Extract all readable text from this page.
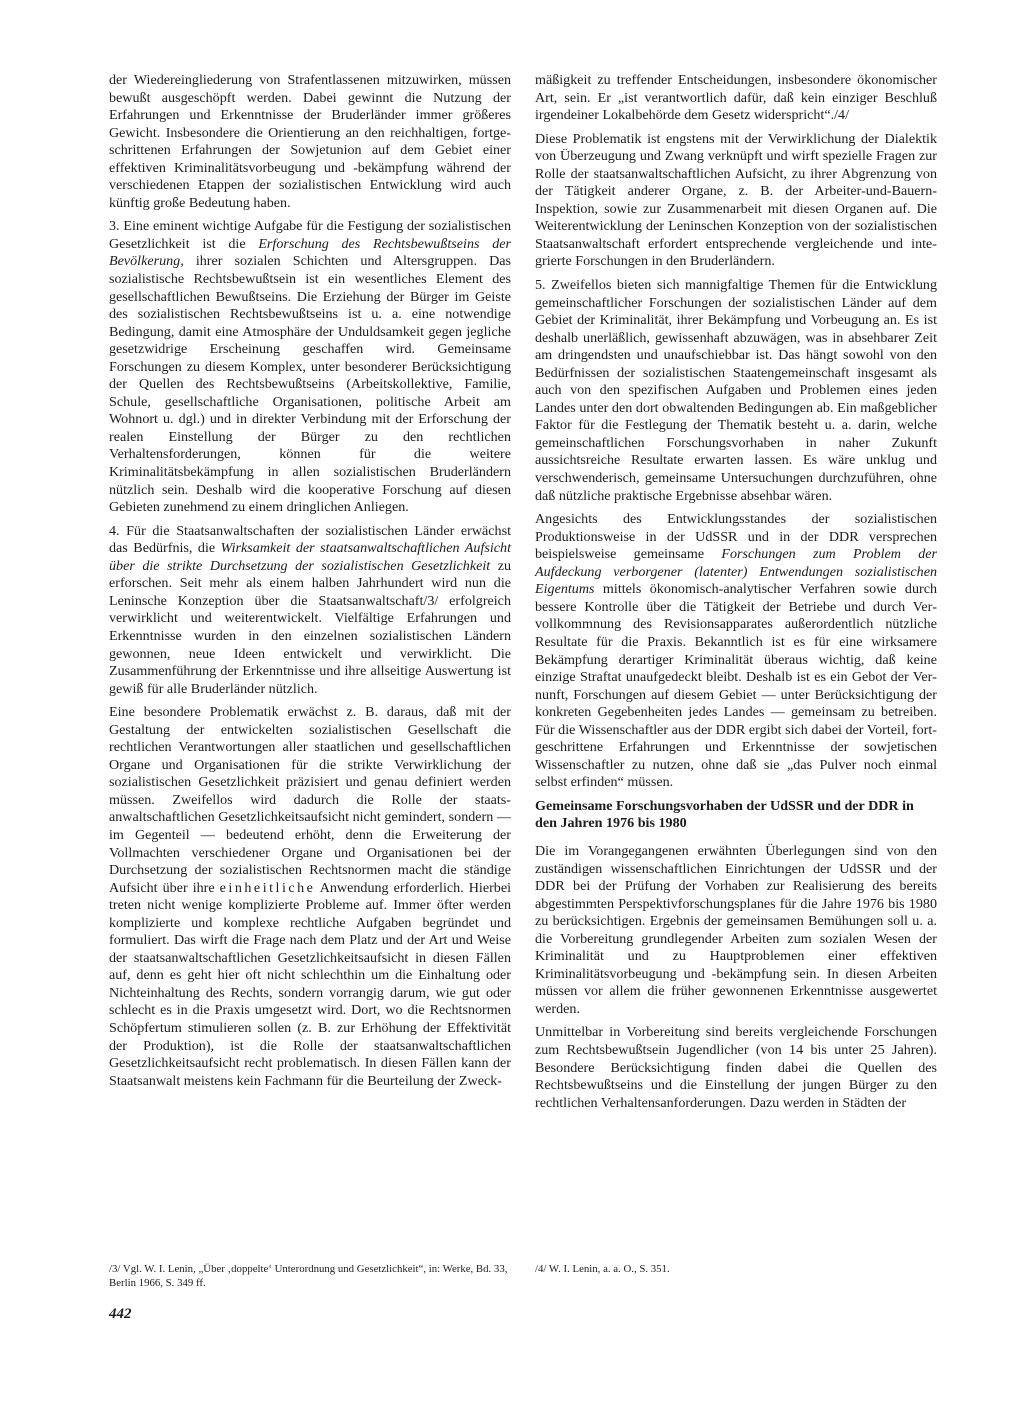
der Wiedereingliederung von Strafentlassenen mitzuwirken, müssen bewußt ausgeschöpft werden. Dabei gewinnt die Nutzung der Erfahrungen und Erkenntnisse der Bruderländer immer größeres Gewicht. Insbesondere die Orientierung an den reichhaltigen, fortgeschrittenen Erfahrungen der Sowjetunion auf dem Gebiet einer effektiven Kriminalitätsvorbeugung und -bekämpfung während der verschiedenen Etappen der sozialistischen Entwicklung wird auch künftig große Bedeutung haben.

3. Eine eminent wichtige Aufgabe für die Festigung der sozialistischen Gesetzlichkeit ist die Erforschung des Rechtsbewußtseins der Bevölkerung, ihrer sozialen Schichten und Altersgruppen. Das sozialistische Rechtsbewußtsein ist ein wesentliches Element des gesellschaftlichen Bewußtseins. Die Erziehung der Bürger im Geiste des sozialistischen Rechtsbewußtseins ist u. a. eine notwendige Bedingung, damit eine Atmosphäre der Unduldsamkeit gegen jegliche gesetzwidrige Erscheinung geschaffen wird. Gemeinsame Forschungen zu diesem Komplex, unter besonderer Berücksichtigung der Quellen des Rechtsbewußtseins (Arbeitskollektive, Familie, Schule, gesellschaftliche Organisationen, politische Arbeit am Wohnort u. dgl.) und in direkter Verbindung mit der Erforschung der realen Einstellung der Bürger zu den rechtlichen Verhaltensforderungen, können für die weitere Kriminalitätsbekämpfung in allen sozialistischen Bruderländern nützlich sein. Deshalb wird die kooperative Forschung auf diesen Gebieten zunehmend zu einem dringlichen Anliegen.

4. Für die Staatsanwaltschaften der sozialistischen Länder erwächst das Bedürfnis, die Wirksamkeit der staatsanwaltschaftlichen Aufsicht über die strikte Durchsetzung der sozialistischen Gesetzlichkeit zu erforschen. Seit mehr als einem halben Jahrhundert wird nun die Leninsche Konzeption über die Staatsanwaltschaft/3/ erfolgreich verwirklicht und weiterentwickelt. Vielfältige Erfahrungen und Erkenntnisse wurden in den einzelnen sozialistischen Ländern gewonnen, neue Ideen entwickelt und verwirklicht. Die Zusammenführung der Erkenntnisse und ihre allseitige Auswertung ist gewiß für alle Bruderländer nützlich.

Eine besondere Problematik erwächst z. B. daraus, daß mit der Gestaltung der entwickelten sozialistischen Gesellschaft die rechtlichen Verantwortungen aller staatlichen und gesellschaftlichen Organe und Organisationen für die strikte Verwirklichung der sozialistischen Gesetzlichkeit präzisiert und genau definiert werden müssen. Zweifellos wird dadurch die Rolle der staatsanwaltschaftlichen Gesetzlichkeitsaufsicht nicht gemindert, sondern — im Gegenteil — bedeutend erhöht, denn die Erweiterung der Vollmachten verschiedener Organe und Organisationen bei der Durchsetzung der sozialistischen Rechtsnormen macht die ständige Aufsicht über ihre einheitliche Anwendung erforderlich. Hierbei treten nicht wenige komplizierte Probleme auf. Immer öfter werden komplizierte und komplexe rechtliche Aufgaben begründet und formuliert. Das wirft die Frage nach dem Platz und der Art und Weise der staatsanwaltschaftlichen Gesetzlichkeitsaufsicht in diesen Fällen auf, denn es geht hier oft nicht schlechthin um die Einhaltung oder Nichteinhaltung des Rechts, sondern vorrangig darum, wie gut oder schlecht es in die Praxis umgesetzt wird. Dort, wo die Rechtsnormen Schöpfertum stimulieren sollen (z. B. zur Erhöhung der Effektivität der Produktion), ist die Rolle der staatsanwaltschaftlichen Gesetzlichkeitsaufsicht recht problematisch. In diesen Fällen kann der Staatsanwalt meistens kein Fachmann für die Beurteilung der Zweck-

mäßigkeit zu treffender Entscheidungen, insbesondere ökonomischer Art, sein. Er „ist verantwortlich dafür, daß kein einziger Beschluß irgendeiner Lokalbehörde dem Gesetz widerspricht“./4/

Diese Problematik ist engstens mit der Verwirklichung der Dialektik von Überzeugung und Zwang verknüpft und wirft spezielle Fragen zur Rolle der staatsanwaltschaftlichen Aufsicht, zu ihrer Abgrenzung von der Tätigkeit anderer Organe, z. B. der Arbeiter-und-Bauern-Inspektion, sowie zur Zusammenarbeit mit diesen Organen auf. Die Weiterentwicklung der Leninschen Konzeption von der sozialistischen Staatsanwaltschaft erfordert entsprechende vergleichende und integrierte Forschungen in den Bruderländern.

5. Zweifellos bieten sich mannigfaltige Themen für die Entwicklung gemeinschaftlicher Forschungen der sozialistischen Länder auf dem Gebiet der Kriminalität, ihrer Bekämpfung und Vorbeugung an. Es ist deshalb unerläßlich, gewissenhaft abzuwägen, was in absehbarer Zeit am dringendsten und unaufschiebbar ist. Das hängt sowohl von den Bedürfnissen der sozialistischen Staatengemeinschaft insgesamt als auch von den spezifischen Aufgaben und Problemen eines jeden Landes unter den dort obwaltenden Bedingungen ab. Ein maßgeblicher Faktor für die Festlegung der Thematik besteht u. a. darin, welche gemeinschaftlichen Forschungsvorhaben in naher Zukunft aussichtsreiche Resultate erwarten lassen. Es wäre unklug und verschwenderisch, gemeinsame Untersuchungen durchzuführen, ohne daß nützliche praktische Ergebnisse absehbar wären.

Angesichts des Entwicklungsstandes der sozialistischen Produktionsweise in der UdSSR und in der DDR versprechen beispielsweise gemeinsame Forschungen zum Problem der Aufdeckung verborgener (latenter) Entwendungen sozialistischen Eigentums mittels ökonomisch-analytischer Verfahren sowie durch bessere Kontrolle über die Tätigkeit der Betriebe und durch Vervollkommnung des Revisionsapparates außerordentlich nützliche Resultate für die Praxis. Bekanntlich ist es für eine wirksamere Bekämpfung derartiger Kriminalität überaus wichtig, daß keine einzige Straftat unaufgedeckt bleibt. Deshalb ist es ein Gebot der Vernunft, Forschungen auf diesem Gebiet — unter Berücksichtigung der konkreten Gegebenheiten jedes Landes — gemeinsam zu betreiben. Für die Wissenschaftler aus der DDR ergibt sich dabei der Vorteil, fortgeschrittene Erfahrungen und Erkenntnisse der sowjetischen Wissenschaftler zu nutzen, ohne daß sie „das Pulver noch einmal selbst erfinden“ müssen.

Gemeinsame Forschungsvorhaben der UdSSR und der DDR in den Jahren 1976 bis 1980

Die im Vorangegangenen erwähnten Überlegungen sind von den zuständigen wissenschaftlichen Einrichtungen der UdSSR und der DDR bei der Prüfung der Vorhaben zur Realisierung des bereits abgestimmten Perspektivforschungsplanes für die Jahre 1976 bis 1980 zu berücksichtigen. Ergebnis der gemeinsamen Bemühungen soll u. a. die Vorbereitung grundlegender Arbeiten zum sozialen Wesen der Kriminalität und zu Hauptproblemen einer effektiven Kriminalitätsvorbeugung und -bekämpfung sein. In diesen Arbeiten müssen vor allem die früher gewonnenen Erkenntnisse ausgewertet werden.

Unmittelbar in Vorbereitung sind bereits vergleichende Forschungen zum Rechtsbewußtsein Jugendlicher (von 14 bis unter 25 Jahren). Besondere Berücksichtigung finden dabei die Quellen des Rechtsbewußtseins und die Einstellung der jungen Bürger zu den rechtlichen Verhaltensanforderungen. Dazu werden in Städten der

/3/ Vgl. W. I. Lenin, „Über ‚doppelte‘ Unterordnung und Gesetzlichkeit“, in: Werke, Bd. 33, Berlin 1966, S. 349 ff.

/4/ W. I. Lenin, a. a. O., S. 351.

442
